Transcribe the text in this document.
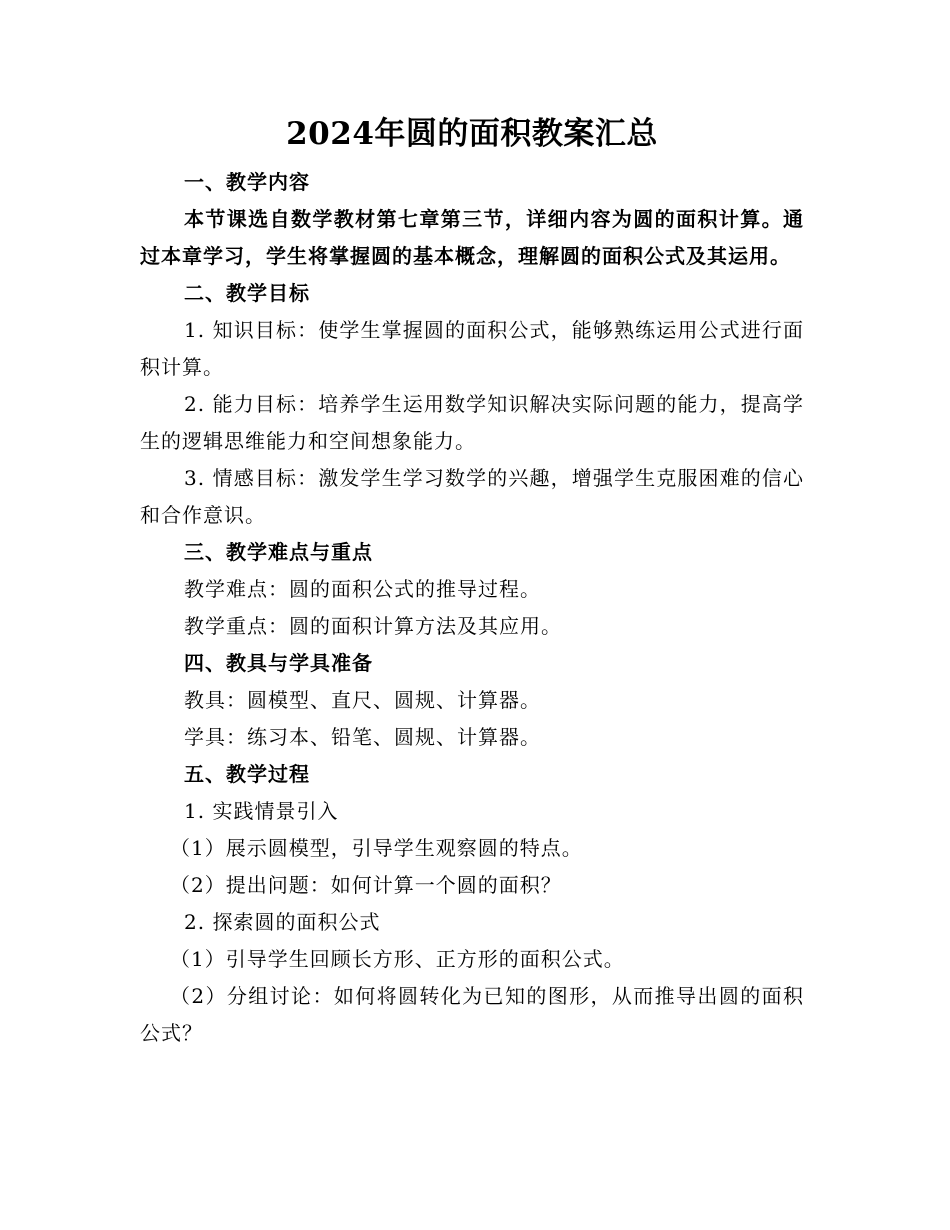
2024年圆的面积教案汇总

一、教学内容

本节课选自数学教材第七章第三节，详细内容为圆的面积计算。通过本章学习，学生将掌握圆的基本概念，理解圆的面积公式及其运用。

二、教学目标

1. 知识目标：使学生掌握圆的面积公式，能够熟练运用公式进行面积计算。

2. 能力目标：培养学生运用数学知识解决实际问题的能力，提高学生的逻辑思维能力和空间想象能力。

3. 情感目标：激发学生学习数学的兴趣，增强学生克服困难的信心和合作意识。

三、教学难点与重点

教学难点：圆的面积公式的推导过程。

教学重点：圆的面积计算方法及其应用。

四、教具与学具准备

教具：圆模型、直尺、圆规、计算器。

学具：练习本、铅笔、圆规、计算器。

五、教学过程

1. 实践情景引入

（1）展示圆模型，引导学生观察圆的特点。

（2）提出问题：如何计算一个圆的面积？

2. 探索圆的面积公式

（1）引导学生回顾长方形、正方形的面积公式。

（2）分组讨论：如何将圆转化为已知的图形，从而推导出圆的面积公式？
